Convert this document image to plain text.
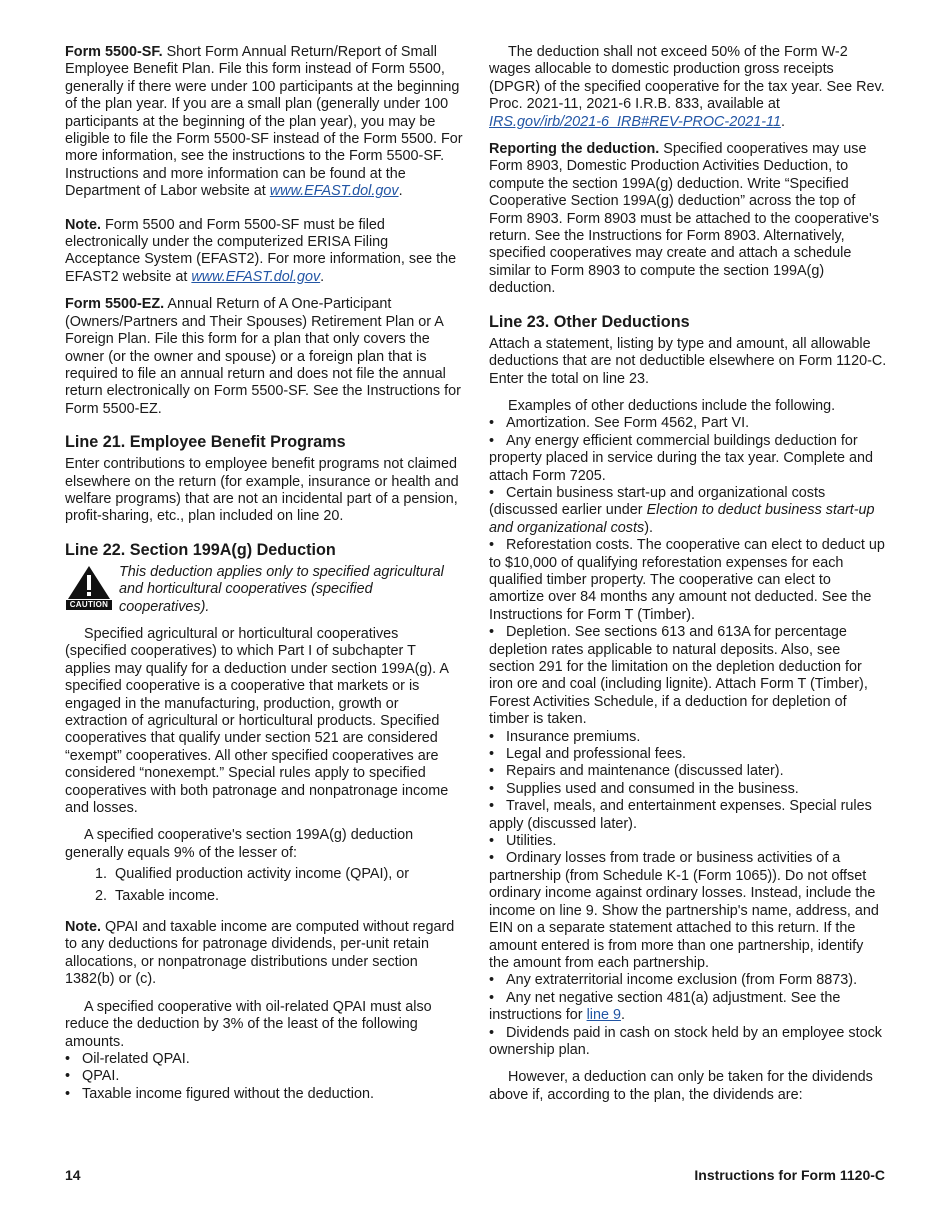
Form 5500-SF. Short Form Annual Return/Report of Small Employee Benefit Plan. File this form instead of Form 5500, generally if there were under 100 participants at the beginning of the plan year. If you are a small plan (generally under 100 participants at the beginning of the plan year), you may be eligible to file the Form 5500-SF instead of the Form 5500. For more information, see the instructions to the Form 5500-SF. Instructions and more information can be found at the Department of Labor website at www.EFAST.dol.gov.

Note. Form 5500 and Form 5500-SF must be filed electronically under the computerized ERISA Filing Acceptance System (EFAST2). For more information, see the EFAST2 website at www.EFAST.dol.gov.

Form 5500-EZ. Annual Return of A One-Participant (Owners/Partners and Their Spouses) Retirement Plan or A Foreign Plan. File this form for a plan that only covers the owner (or the owner and spouse) or a foreign plan that is required to file an annual return and does not file the annual return electronically on Form 5500-SF. See the Instructions for Form 5500-EZ.

Line 21. Employee Benefit Programs

Enter contributions to employee benefit programs not claimed elsewhere on the return (for example, insurance or health and welfare programs) that are not an incidental part of a pension, profit-sharing, etc., plan included on line 20.

Line 22. Section 199A(g) Deduction
CAUTION
This deduction applies only to specified agricultural and horticultural cooperatives (specified cooperatives).

Specified agricultural or horticultural cooperatives (specified cooperatives) to which Part I of subchapter T applies may qualify for a deduction under section 199A(g). A specified cooperative is a cooperative that markets or is engaged in the manufacturing, production, growth or extraction of agricultural or horticultural products. Specified cooperatives that qualify under section 521 are considered “exempt” cooperatives. All other specified cooperatives are considered “nonexempt.” Special rules apply to specified cooperatives with both patronage and nonpatronage income and losses.

A specified cooperative's section 199A(g) deduction generally equals 9% of the lesser of:

1. Qualified production activity income (QPAI), or
2. Taxable income.

Note. QPAI and taxable income are computed without regard to any deductions for patronage dividends, per-unit retain allocations, or nonpatronage distributions under section 1382(b) or (c).

A specified cooperative with oil-related QPAI must also reduce the deduction by 3% of the least of the following amounts.

• Oil-related QPAI.
• QPAI.
• Taxable income figured without the deduction.

The deduction shall not exceed 50% of the Form W-2 wages allocable to domestic production gross receipts (DPGR) of the specified cooperative for the tax year. See Rev. Proc. 2021-11, 2021-6 I.R.B. 833, available at IRS.gov/irb/2021-6_IRB#REV-PROC-2021-11.

Reporting the deduction. Specified cooperatives may use Form 8903, Domestic Production Activities Deduction, to compute the section 199A(g) deduction. Write “Specified Cooperative Section 199A(g) deduction” across the top of Form 8903. Form 8903 must be attached to the cooperative's return. See the Instructions for Form 8903. Alternatively, specified cooperatives may create and attach a schedule similar to Form 8903 to compute the section 199A(g) deduction.

Line 23. Other Deductions

Attach a statement, listing by type and amount, all allowable deductions that are not deductible elsewhere on Form 1120-C. Enter the total on line 23.

Examples of other deductions include the following.

• Amortization. See Form 4562, Part VI.
• Any energy efficient commercial buildings deduction for property placed in service during the tax year. Complete and attach Form 7205.
• Certain business start-up and organizational costs (discussed earlier under Election to deduct business start-up and organizational costs).
• Reforestation costs. The cooperative can elect to deduct up to $10,000 of qualifying reforestation expenses for each qualified timber property. The cooperative can elect to amortize over 84 months any amount not deducted. See the Instructions for Form T (Timber).
• Depletion. See sections 613 and 613A for percentage depletion rates applicable to natural deposits. Also, see section 291 for the limitation on the depletion deduction for iron ore and coal (including lignite). Attach Form T (Timber), Forest Activities Schedule, if a deduction for depletion of timber is taken.
• Insurance premiums.
• Legal and professional fees.
• Repairs and maintenance (discussed later).
• Supplies used and consumed in the business.
• Travel, meals, and entertainment expenses. Special rules apply (discussed later).
• Utilities.
• Ordinary losses from trade or business activities of a partnership (from Schedule K-1 (Form 1065)). Do not offset ordinary income against ordinary losses. Instead, include the income on line 9. Show the partnership's name, address, and EIN on a separate statement attached to this return. If the amount entered is from more than one partnership, identify the amount from each partnership.
• Any extraterritorial income exclusion (from Form 8873).
• Any net negative section 481(a) adjustment. See the instructions for line 9.
• Dividends paid in cash on stock held by an employee stock ownership plan.

However, a deduction can only be taken for the dividends above if, according to the plan, the dividends are:

14	Instructions for Form 1120-C
